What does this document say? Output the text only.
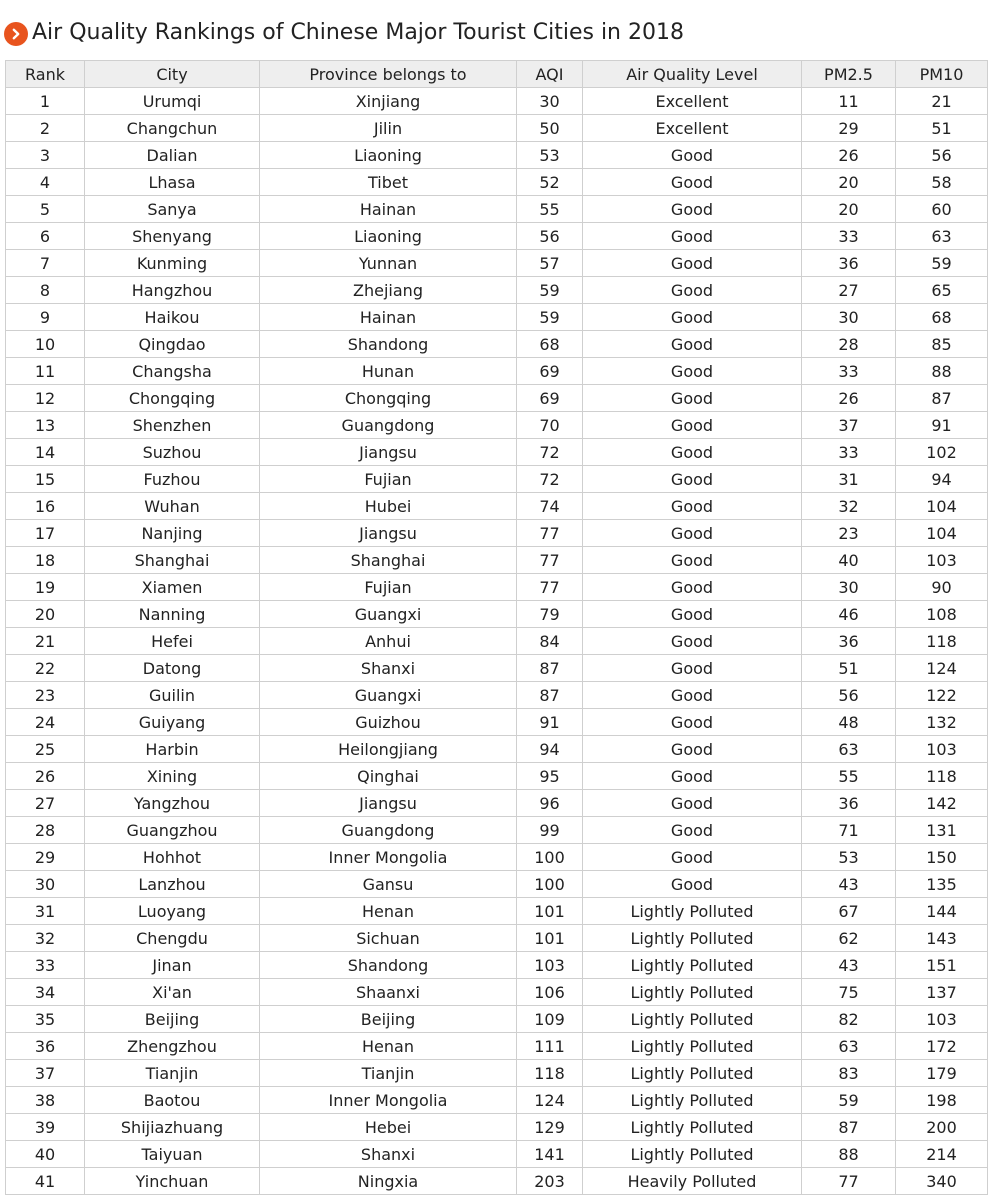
Air Quality Rankings of Chinese Major Tourist Cities in 2018
Rank	City	Province belongs to	AQI	Air Quality Level	PM2.5	PM10
1	Urumqi	Xinjiang	30	Excellent	11	21
2	Changchun	Jilin	50	Excellent	29	51
3	Dalian	Liaoning	53	Good	26	56
4	Lhasa	Tibet	52	Good	20	58
5	Sanya	Hainan	55	Good	20	60
6	Shenyang	Liaoning	56	Good	33	63
7	Kunming	Yunnan	57	Good	36	59
8	Hangzhou	Zhejiang	59	Good	27	65
9	Haikou	Hainan	59	Good	30	68
10	Qingdao	Shandong	68	Good	28	85
11	Changsha	Hunan	69	Good	33	88
12	Chongqing	Chongqing	69	Good	26	87
13	Shenzhen	Guangdong	70	Good	37	91
14	Suzhou	Jiangsu	72	Good	33	102
15	Fuzhou	Fujian	72	Good	31	94
16	Wuhan	Hubei	74	Good	32	104
17	Nanjing	Jiangsu	77	Good	23	104
18	Shanghai	Shanghai	77	Good	40	103
19	Xiamen	Fujian	77	Good	30	90
20	Nanning	Guangxi	79	Good	46	108
21	Hefei	Anhui	84	Good	36	118
22	Datong	Shanxi	87	Good	51	124
23	Guilin	Guangxi	87	Good	56	122
24	Guiyang	Guizhou	91	Good	48	132
25	Harbin	Heilongjiang	94	Good	63	103
26	Xining	Qinghai	95	Good	55	118
27	Yangzhou	Jiangsu	96	Good	36	142
28	Guangzhou	Guangdong	99	Good	71	131
29	Hohhot	Inner Mongolia	100	Good	53	150
30	Lanzhou	Gansu	100	Good	43	135
31	Luoyang	Henan	101	Lightly Polluted	67	144
32	Chengdu	Sichuan	101	Lightly Polluted	62	143
33	Jinan	Shandong	103	Lightly Polluted	43	151
34	Xi'an	Shaanxi	106	Lightly Polluted	75	137
35	Beijing	Beijing	109	Lightly Polluted	82	103
36	Zhengzhou	Henan	111	Lightly Polluted	63	172
37	Tianjin	Tianjin	118	Lightly Polluted	83	179
38	Baotou	Inner Mongolia	124	Lightly Polluted	59	198
39	Shijiazhuang	Hebei	129	Lightly Polluted	87	200
40	Taiyuan	Shanxi	141	Lightly Polluted	88	214
41	Yinchuan	Ningxia	203	Heavily Polluted	77	340
